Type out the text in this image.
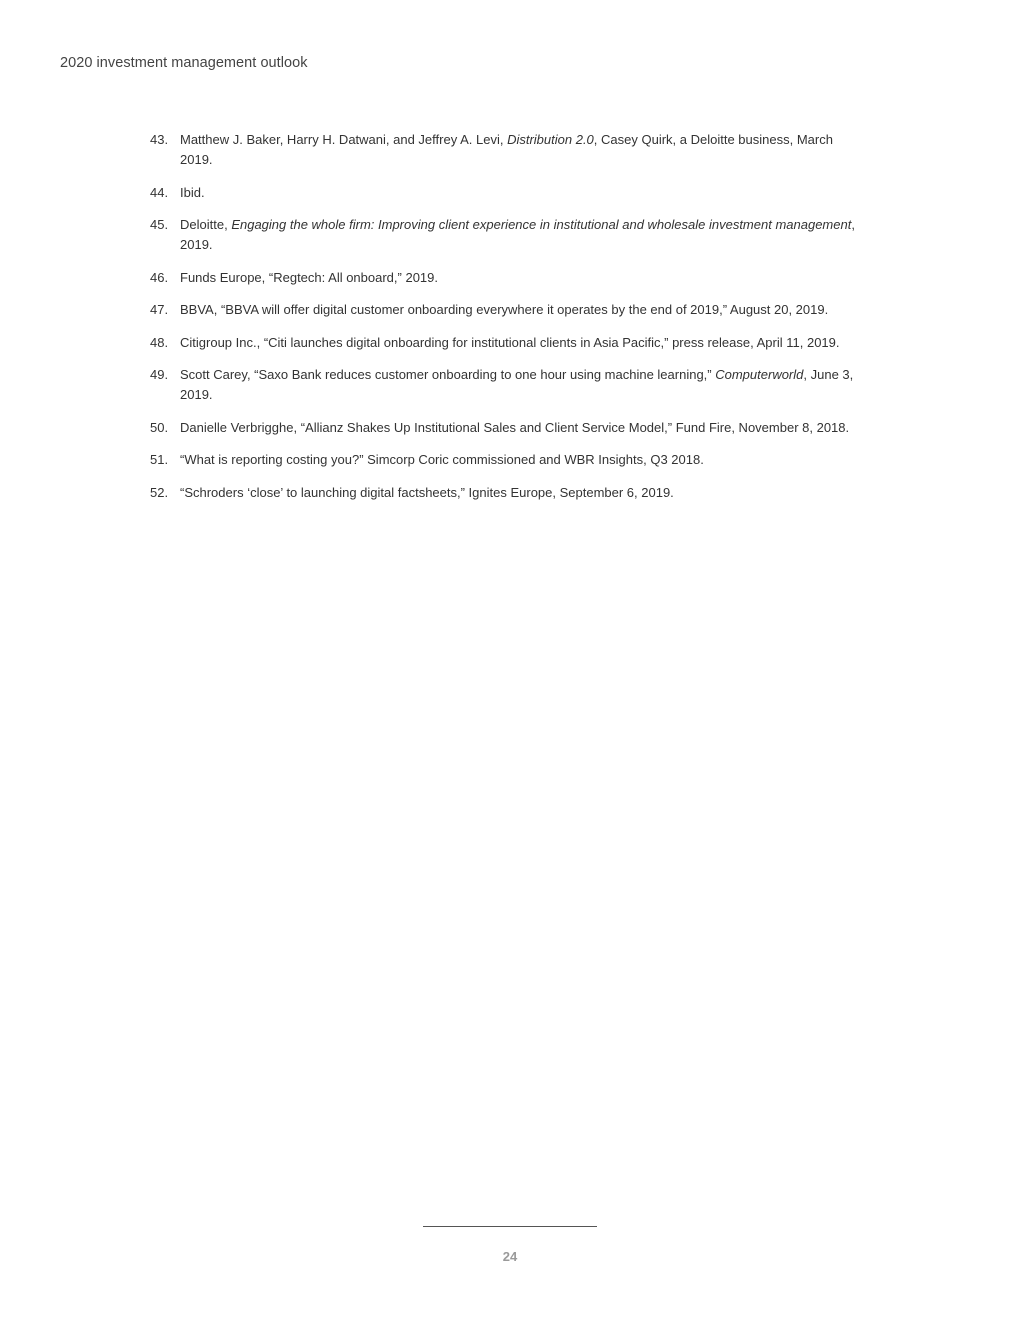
2020 investment management outlook
43. Matthew J. Baker, Harry H. Datwani, and Jeffrey A. Levi, Distribution 2.0, Casey Quirk, a Deloitte business, March 2019.
44. Ibid.
45. Deloitte, Engaging the whole firm: Improving client experience in institutional and wholesale investment management, 2019.
46. Funds Europe, “Regtech: All onboard,” 2019.
47. BBVA, “BBVA will offer digital customer onboarding everywhere it operates by the end of 2019,” August 20, 2019.
48. Citigroup Inc., “Citi launches digital onboarding for institutional clients in Asia Pacific,” press release, April 11, 2019.
49. Scott Carey, “Saxo Bank reduces customer onboarding to one hour using machine learning,” Computerworld, June 3, 2019.
50. Danielle Verbrigghe, “Allianz Shakes Up Institutional Sales and Client Service Model,” Fund Fire, November 8, 2018.
51. “What is reporting costing you?” Simcorp Coric commissioned and WBR Insights, Q3 2018.
52. “Schroders ‘close’ to launching digital factsheets,” Ignites Europe, September 6, 2019.
24
